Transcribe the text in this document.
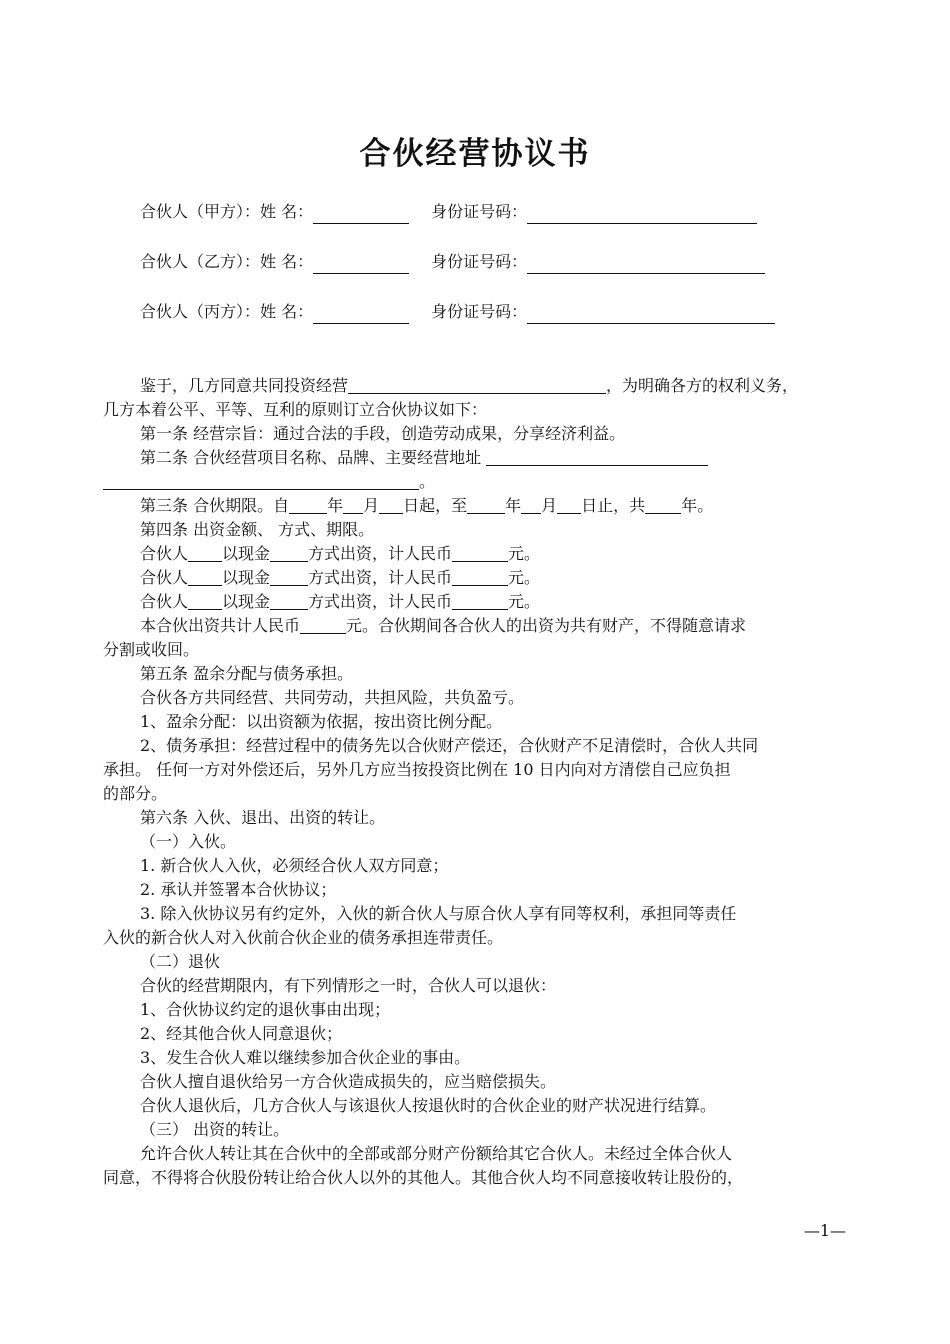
合伙经营协议书
合伙人（甲方）：姓 名：	身份证号码：
合伙人（乙方）：姓 名：	身份证号码：
合伙人（丙方）：姓 名：	身份证号码：

鉴于，几方同意共同投资经营	，为明确各方的权利义务，

几方本着公平、平等、互利的原则订立合伙协议如下：

第一条 经营宗旨：通过合法的手段，创造劳动成果，分享经济利益。

第二条 合伙经营项目名称、品牌、主要经营地址

。

第三条 合伙期限。自 年 月 日起，至 年 月 日止，共 年。

第四条 出资金额、 方式、期限。

合伙人 以现金 方式出资，计人民币	元。

合伙人 以现金 方式出资，计人民币	元。

合伙人 以现金 方式出资，计人民币	元。

本合伙出资共计人民币	元。合伙期间各合伙人的出资为共有财产，不得随意请求

分割或收回。

第五条 盈余分配与债务承担。

合伙各方共同经营、共同劳动，共担风险，共负盈亏。

1、盈余分配：以出资额为依据，按出资比例分配。

2、债务承担：经营过程中的债务先以合伙财产偿还，合伙财产不足清偿时，合伙人共同

承担。 任何一方对外偿还后，另外几方应当按投资比例在 10 日内向对方清偿自己应负担

的部分。

第六条 入伙、退出、出资的转让。

（一）入伙。

1. 新合伙人入伙，必须经合伙人双方同意；

2. 承认并签署本合伙协议；

3. 除入伙协议另有约定外，入伙的新合伙人与原合伙人享有同等权利，承担同等责任

入伙的新合伙人对入伙前合伙企业的债务承担连带责任。

（二）退伙

合伙的经营期限内，有下列情形之一时，合伙人可以退伙：

1、合伙协议约定的退伙事由出现；

2、经其他合伙人同意退伙；

3、发生合伙人难以继续参加合伙企业的事由。

合伙人擅自退伙给另一方合伙造成损失的，应当赔偿损失。

合伙人退伙后，几方合伙人与该退伙人按退伙时的合伙企业的财产状况进行结算。

（三） 出资的转让。

允许合伙人转让其在合伙中的全部或部分财产份额给其它合伙人。未经过全体合伙人

同意，不得将合伙股份转让给合伙人以外的其他人。其他合伙人均不同意接收转让股份的，

—1—
